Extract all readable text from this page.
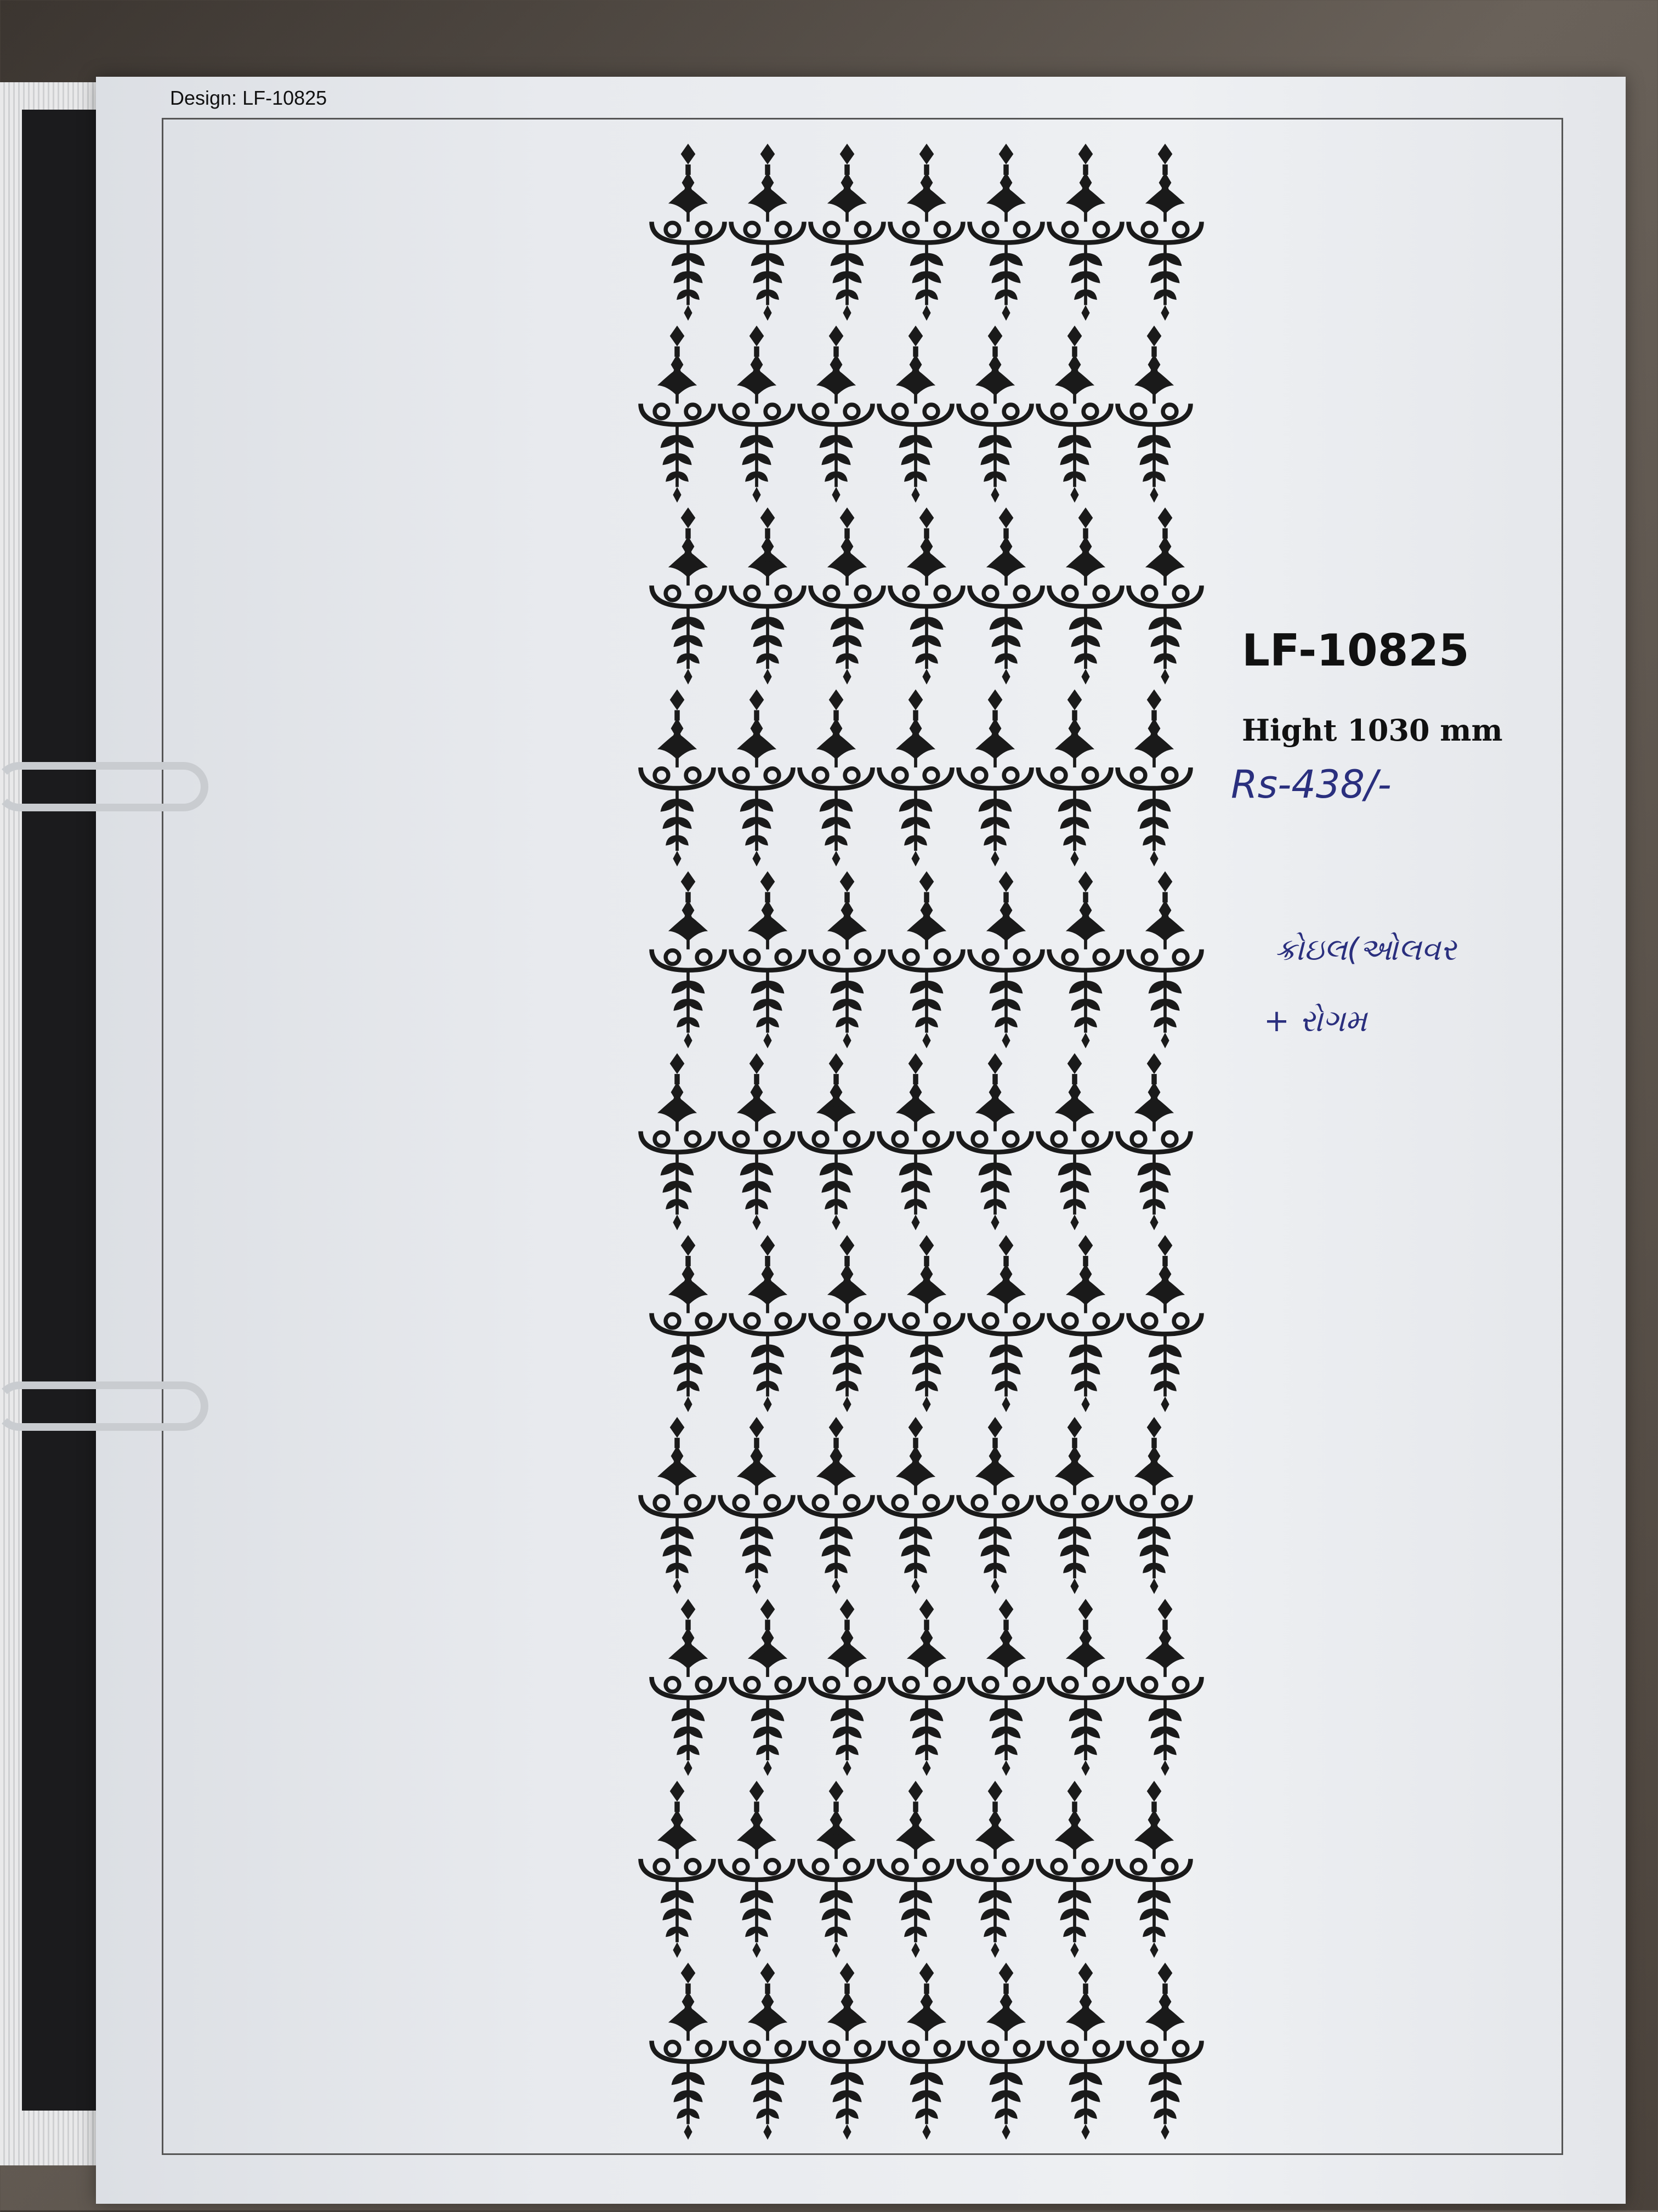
Design: LF-10825
LF-10825
Hight 1030 mm
Rs-438/-
ક્રોઇલ(ઓલવર
+ રોગમ
